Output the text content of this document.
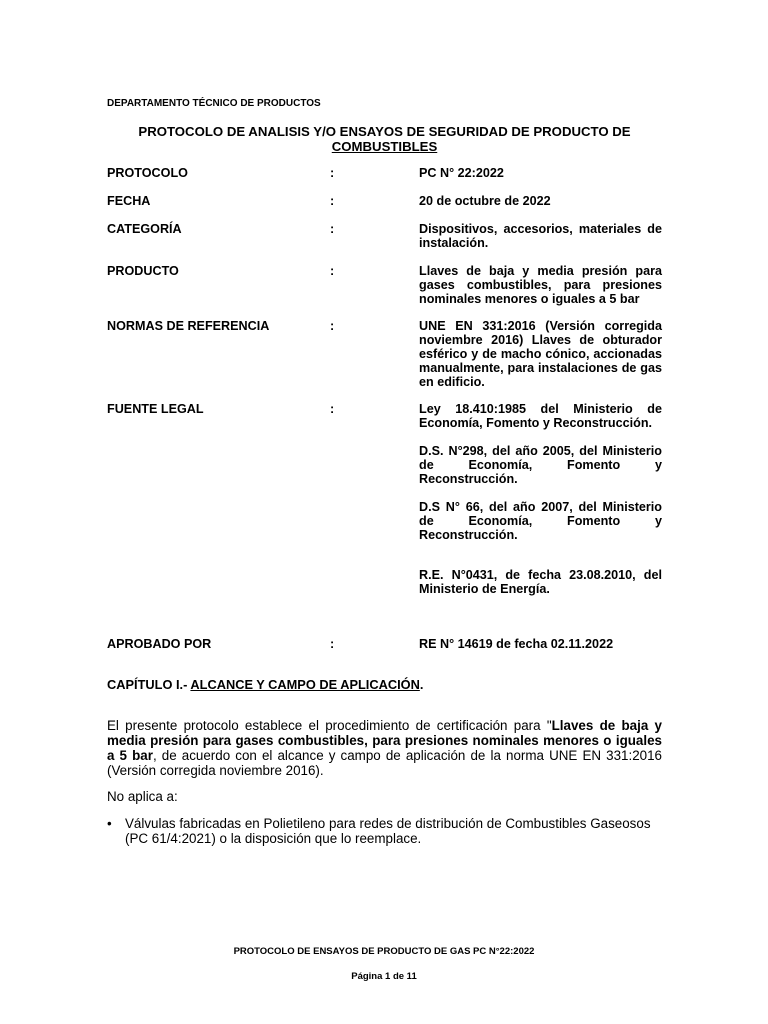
DEPARTAMENTO TÉCNICO DE PRODUCTOS
PROTOCOLO DE ANALISIS Y/O ENSAYOS DE SEGURIDAD DE PRODUCTO DE
COMBUSTIBLES
PROTOCOLO	:	PC N° 22:2022
FECHA	:	20 de octubre de 2022
CATEGORÍA	:	Dispositivos, accesorios, materiales de instalación.
PRODUCTO	:	Llaves de baja y media presión para gases combustibles, para presiones nominales menores o iguales a 5 bar
NORMAS DE REFERENCIA	:	UNE EN 331:2016 (Versión corregida noviembre 2016) Llaves de obturador esférico y de macho cónico, accionadas manualmente, para instalaciones de gas en edificio.
FUENTE LEGAL	:	Ley 18.410:1985 del Ministerio de Economía, Fomento y Reconstrucción.

D.S. N°298, del año 2005, del Ministerio de Economía, Fomento y Reconstrucción.

D.S N° 66, del año 2007, del Ministerio de Economía, Fomento y Reconstrucción.

R.E. N°0431, de fecha 23.08.2010, del Ministerio de Energía.

APROBADO POR	:	RE N° 14619 de fecha 02.11.2022
CAPÍTULO I.- ALCANCE Y CAMPO DE APLICACIÓN.
El presente protocolo establece el procedimiento de certificación para "Llaves de baja y media presión para gases combustibles, para presiones nominales menores o iguales a 5 bar, de acuerdo con el alcance y campo de aplicación de la norma UNE EN 331:2016 (Versión corregida noviembre 2016).
No aplica a:
• Válvulas fabricadas en Polietileno para redes de distribución de Combustibles Gaseosos (PC 61/4:2021) o la disposición que lo reemplace.
PROTOCOLO DE ENSAYOS DE PRODUCTO DE GAS PC N°22:2022
Página 1 de 11
